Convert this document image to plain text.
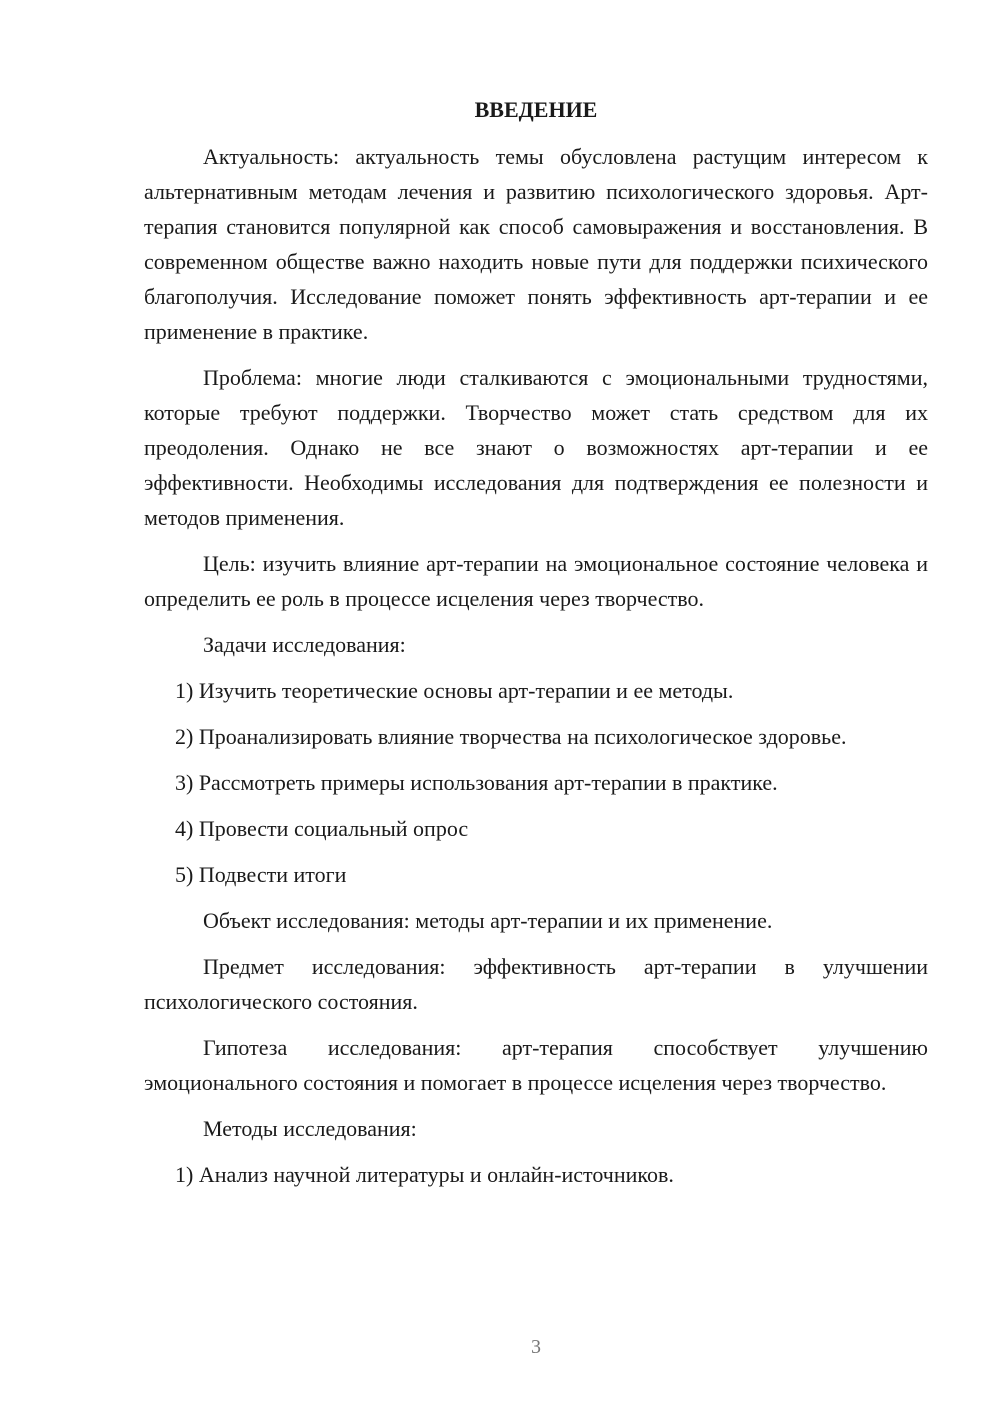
ВВЕДЕНИЕ
Актуальность: актуальность темы обусловлена растущим интересом к альтернативным методам лечения и развитию психологического здоровья. Арт-терапия становится популярной как способ самовыражения и восстановления. В современном обществе важно находить новые пути для поддержки психического благополучия. Исследование поможет понять эффективность арт-терапии и ее применение в практике.
Проблема: многие люди сталкиваются с эмоциональными трудностями, которые требуют поддержки. Творчество может стать средством для их преодоления. Однако не все знают о возможностях арт-терапии и ее эффективности. Необходимы исследования для подтверждения ее полезности и методов применения.
Цель: изучить влияние арт-терапии на эмоциональное состояние человека и определить ее роль в процессе исцеления через творчество.
Задачи исследования:
1) Изучить теоретические основы арт-терапии и ее методы.
2) Проанализировать влияние творчества на психологическое здоровье.
3) Рассмотреть примеры использования арт-терапии в практике.
4) Провести социальный опрос
5) Подвести итоги
Объект исследования: методы арт-терапии и их применение.
Предмет исследования: эффективность арт-терапии в улучшении психологического состояния.
Гипотеза исследования: арт-терапия способствует улучшению эмоционального состояния и помогает в процессе исцеления через творчество.
Методы исследования:
1) Анализ научной литературы и онлайн-источников.
3
